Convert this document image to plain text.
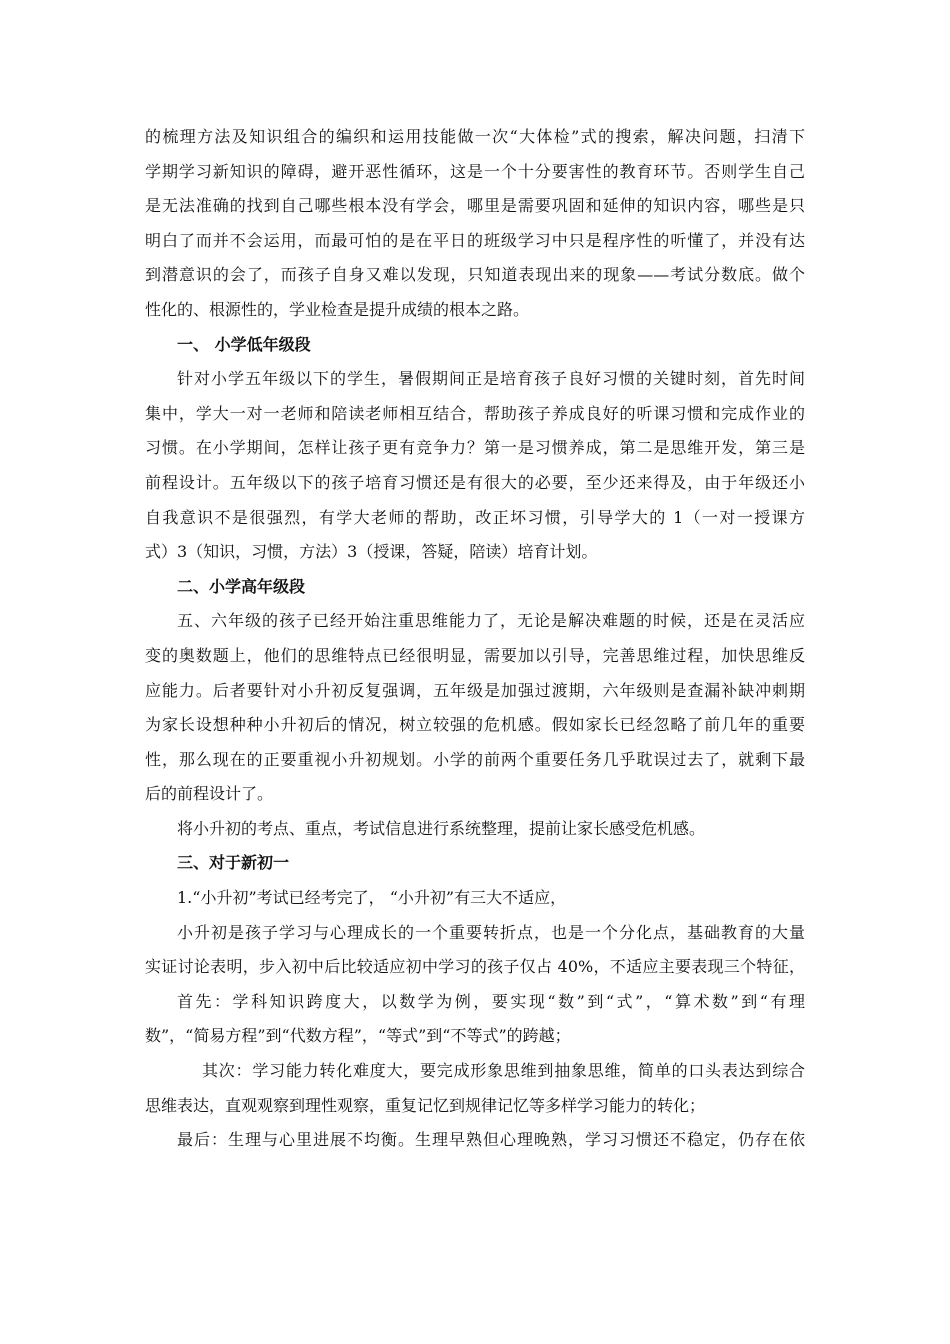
的梳理方法及知识组合的编织和运用技能做一次“大体检”式的搜索，解决问题，扫清下
学期学习新知识的障碍，避开恶性循环，这是一个十分要害性的教育环节。否则学生自己
是无法准确的找到自己哪些根本没有学会，哪里是需要巩固和延伸的知识内容，哪些是只
明白了而并不会运用，而最可怕的是在平日的班级学习中只是程序性的听懂了，并没有达
到潜意识的会了，而孩子自身又难以发现，只知道表现出来的现象——考试分数底。做个
性化的、根源性的，学业检查是提升成绩的根本之路。
一、 小学低年级段
针对小学五年级以下的学生，暑假期间正是培育孩子良好习惯的关键时刻，首先时间
集中，学大一对一老师和陪读老师相互结合，帮助孩子养成良好的听课习惯和完成作业的
习惯。在小学期间，怎样让孩子更有竞争力？第一是习惯养成，第二是思维开发，第三是
前程设计。五年级以下的孩子培育习惯还是有很大的必要，至少还来得及，由于年级还小
自我意识不是很强烈，有学大老师的帮助，改正坏习惯，引导学大的 1（一对一授课方
式）3（知识，习惯，方法）3（授课，答疑，陪读）培育计划。
二、小学高年级段
五、六年级的孩子已经开始注重思维能力了，无论是解决难题的时候，还是在灵活应
变的奥数题上，他们的思维特点已经很明显，需要加以引导，完善思维过程，加快思维反
应能力。后者要针对小升初反复强调，五年级是加强过渡期，六年级则是查漏补缺冲刺期
为家长设想种种小升初后的情况，树立较强的危机感。假如家长已经忽略了前几年的重要
性，那么现在的正要重视小升初规划。小学的前两个重要任务几乎耽误过去了，就剩下最
后的前程设计了。
将小升初的考点、重点，考试信息进行系统整理，提前让家长感受危机感。
三、对于新初一
1.“小升初”考试已经考完了， “小升初”有三大不适应，
小升初是孩子学习与心理成长的一个重要转折点，也是一个分化点，基础教育的大量
实证讨论表明，步入初中后比较适应初中学习的孩子仅占 40%，不适应主要表现三个特征，
首先：学科知识跨度大，以数学为例，要实现“数”到“式”，“算术数”到“有理
数”，“简易方程”到“代数方程”，“等式”到“不等式”的跨越；
其次：学习能力转化难度大，要完成形象思维到抽象思维，简单的口头表达到综合
思维表达，直观观察到理性观察，重复记忆到规律记忆等多样学习能力的转化；
最后：生理与心里进展不均衡。生理早熟但心理晚熟，学习习惯还不稳定，仍存在依
